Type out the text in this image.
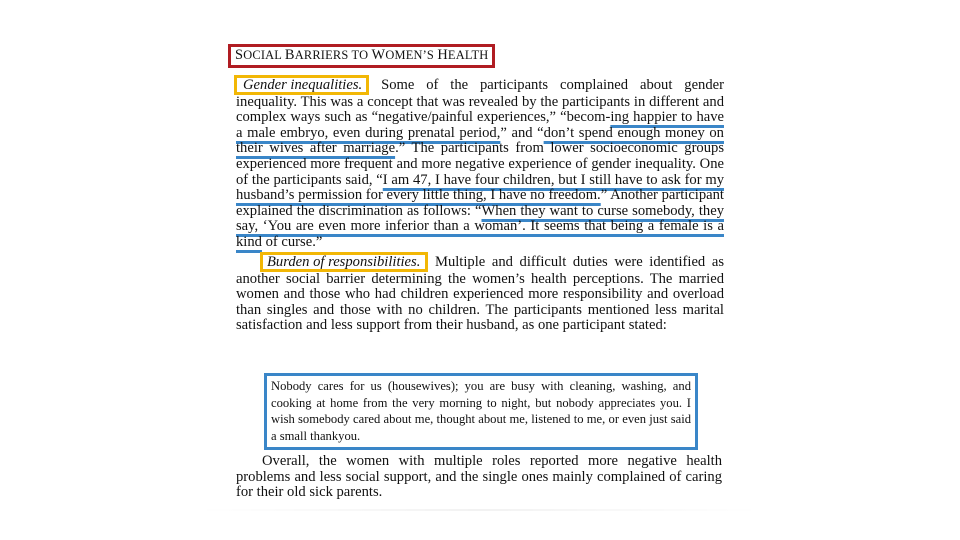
SOCIAL BARRIERS TO WOMEN’S HEALTH

Gender inequalities. Some of the participants complained about gender inequality. This was a concept that was revealed by the participants in different and complex ways such as “negative/painful experiences,” “becom-ing happier to have a male embryo, even during prenatal period,” and “don’t spend enough money on their wives after marriage.” The participants from lower socioeconomic groups experienced more frequent and more negative experience of gender inequality. One of the participants said, “I am 47, I have four children, but I still have to ask for my husband’s permission for every little thing, I have no freedom.” Another participant explained the discrimination as follows: “When they want to curse somebody, they say, ‘You are even more inferior than a woman’. It seems that being a female is a kind of curse.”

Burden of responsibilities. Multiple and difficult duties were identified as another social barrier determining the women’s health perceptions. The married women and those who had children experienced more responsibility and overload than singles and those with no children. The participants mentioned less marital satisfaction and less support from their husband, as one participant stated:

Nobody cares for us (housewives); you are busy with cleaning, washing, and cooking at home from the very morning to night, but nobody appreciates you. I wish somebody cared about me, thought about me, listened to me, or even just said a small thankyou.
Overall, the women with multiple roles reported more negative health problems and less social support, and the single ones mainly complained of caring for their old sick parents.
